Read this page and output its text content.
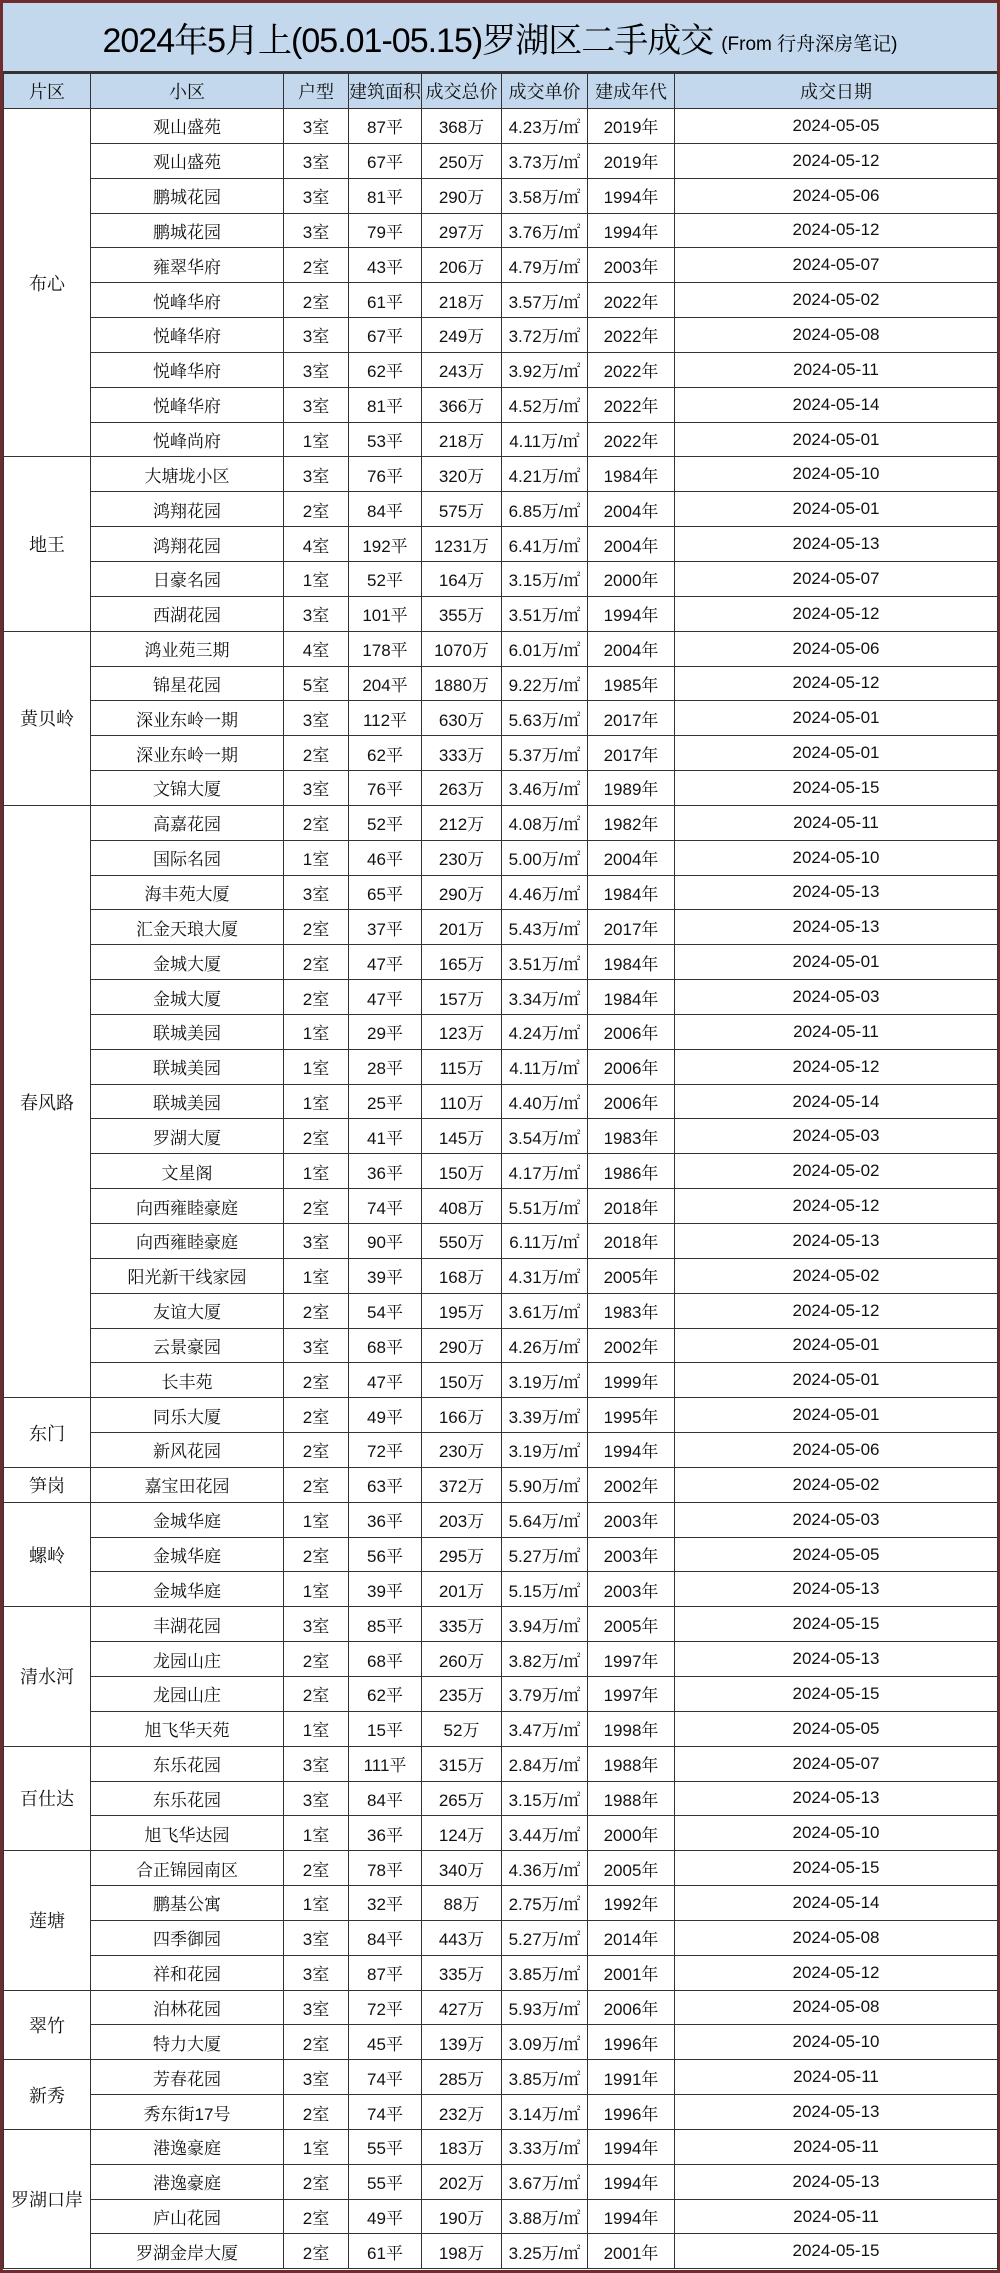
2024年5月上(05.01-05.15)罗湖区二手成交 (From 行舟深房笔记)
片区	小区	户型	建筑面积	成交总价	成交单价	建成年代	成交日期
布心	观山盛苑	3室	87平	368万	4.23万/㎡	2019年	2024-05-05
	观山盛苑	3室	67平	250万	3.73万/㎡	2019年	2024-05-12
	鹏城花园	3室	81平	290万	3.58万/㎡	1994年	2024-05-06
	鹏城花园	3室	79平	297万	3.76万/㎡	1994年	2024-05-12
	雍翠华府	2室	43平	206万	4.79万/㎡	2003年	2024-05-07
	悦峰华府	2室	61平	218万	3.57万/㎡	2022年	2024-05-02
	悦峰华府	3室	67平	249万	3.72万/㎡	2022年	2024-05-08
	悦峰华府	3室	62平	243万	3.92万/㎡	2022年	2024-05-11
	悦峰华府	3室	81平	366万	4.52万/㎡	2022年	2024-05-14
	悦峰尚府	1室	53平	218万	4.11万/㎡	2022年	2024-05-01
地王	大塘垅小区	3室	76平	320万	4.21万/㎡	1984年	2024-05-10
	鸿翔花园	2室	84平	575万	6.85万/㎡	2004年	2024-05-01
	鸿翔花园	4室	192平	1231万	6.41万/㎡	2004年	2024-05-13
	日豪名园	1室	52平	164万	3.15万/㎡	2000年	2024-05-07
	西湖花园	3室	101平	355万	3.51万/㎡	1994年	2024-05-12
黄贝岭	鸿业苑三期	4室	178平	1070万	6.01万/㎡	2004年	2024-05-06
	锦星花园	5室	204平	1880万	9.22万/㎡	1985年	2024-05-12
	深业东岭一期	3室	112平	630万	5.63万/㎡	2017年	2024-05-01
	深业东岭一期	2室	62平	333万	5.37万/㎡	2017年	2024-05-01
	文锦大厦	3室	76平	263万	3.46万/㎡	1989年	2024-05-15
春风路	高嘉花园	2室	52平	212万	4.08万/㎡	1982年	2024-05-11
	国际名园	1室	46平	230万	5.00万/㎡	2004年	2024-05-10
	海丰苑大厦	3室	65平	290万	4.46万/㎡	1984年	2024-05-13
	汇金天琅大厦	2室	37平	201万	5.43万/㎡	2017年	2024-05-13
	金城大厦	2室	47平	165万	3.51万/㎡	1984年	2024-05-01
	金城大厦	2室	47平	157万	3.34万/㎡	1984年	2024-05-03
	联城美园	1室	29平	123万	4.24万/㎡	2006年	2024-05-11
	联城美园	1室	28平	115万	4.11万/㎡	2006年	2024-05-12
	联城美园	1室	25平	110万	4.40万/㎡	2006年	2024-05-14
	罗湖大厦	2室	41平	145万	3.54万/㎡	1983年	2024-05-03
	文星阁	1室	36平	150万	4.17万/㎡	1986年	2024-05-02
	向西雍睦豪庭	2室	74平	408万	5.51万/㎡	2018年	2024-05-12
	向西雍睦豪庭	3室	90平	550万	6.11万/㎡	2018年	2024-05-13
	阳光新干线家园	1室	39平	168万	4.31万/㎡	2005年	2024-05-02
	友谊大厦	2室	54平	195万	3.61万/㎡	1983年	2024-05-12
	云景豪园	3室	68平	290万	4.26万/㎡	2002年	2024-05-01
	长丰苑	2室	47平	150万	3.19万/㎡	1999年	2024-05-01
东门	同乐大厦	2室	49平	166万	3.39万/㎡	1995年	2024-05-01
	新风花园	2室	72平	230万	3.19万/㎡	1994年	2024-05-06
笋岗	嘉宝田花园	2室	63平	372万	5.90万/㎡	2002年	2024-05-02
螺岭	金城华庭	1室	36平	203万	5.64万/㎡	2003年	2024-05-03
	金城华庭	2室	56平	295万	5.27万/㎡	2003年	2024-05-05
	金城华庭	1室	39平	201万	5.15万/㎡	2003年	2024-05-13
清水河	丰湖花园	3室	85平	335万	3.94万/㎡	2005年	2024-05-15
	龙园山庄	2室	68平	260万	3.82万/㎡	1997年	2024-05-13
	龙园山庄	2室	62平	235万	3.79万/㎡	1997年	2024-05-15
	旭飞华天苑	1室	15平	52万	3.47万/㎡	1998年	2024-05-05
百仕达	东乐花园	3室	111平	315万	2.84万/㎡	1988年	2024-05-07
	东乐花园	3室	84平	265万	3.15万/㎡	1988年	2024-05-13
	旭飞华达园	1室	36平	124万	3.44万/㎡	2000年	2024-05-10
莲塘	合正锦园南区	2室	78平	340万	4.36万/㎡	2005年	2024-05-15
	鹏基公寓	1室	32平	88万	2.75万/㎡	1992年	2024-05-14
	四季御园	3室	84平	443万	5.27万/㎡	2014年	2024-05-08
	祥和花园	3室	87平	335万	3.85万/㎡	2001年	2024-05-12
翠竹	泊林花园	3室	72平	427万	5.93万/㎡	2006年	2024-05-08
	特力大厦	2室	45平	139万	3.09万/㎡	1996年	2024-05-10
新秀	芳春花园	3室	74平	285万	3.85万/㎡	1991年	2024-05-11
	秀东街17号	2室	74平	232万	3.14万/㎡	1996年	2024-05-13
罗湖口岸	港逸豪庭	1室	55平	183万	3.33万/㎡	1994年	2024-05-11
	港逸豪庭	2室	55平	202万	3.67万/㎡	1994年	2024-05-13
	庐山花园	2室	49平	190万	3.88万/㎡	1994年	2024-05-11
	罗湖金岸大厦	2室	61平	198万	3.25万/㎡	2001年	2024-05-15
